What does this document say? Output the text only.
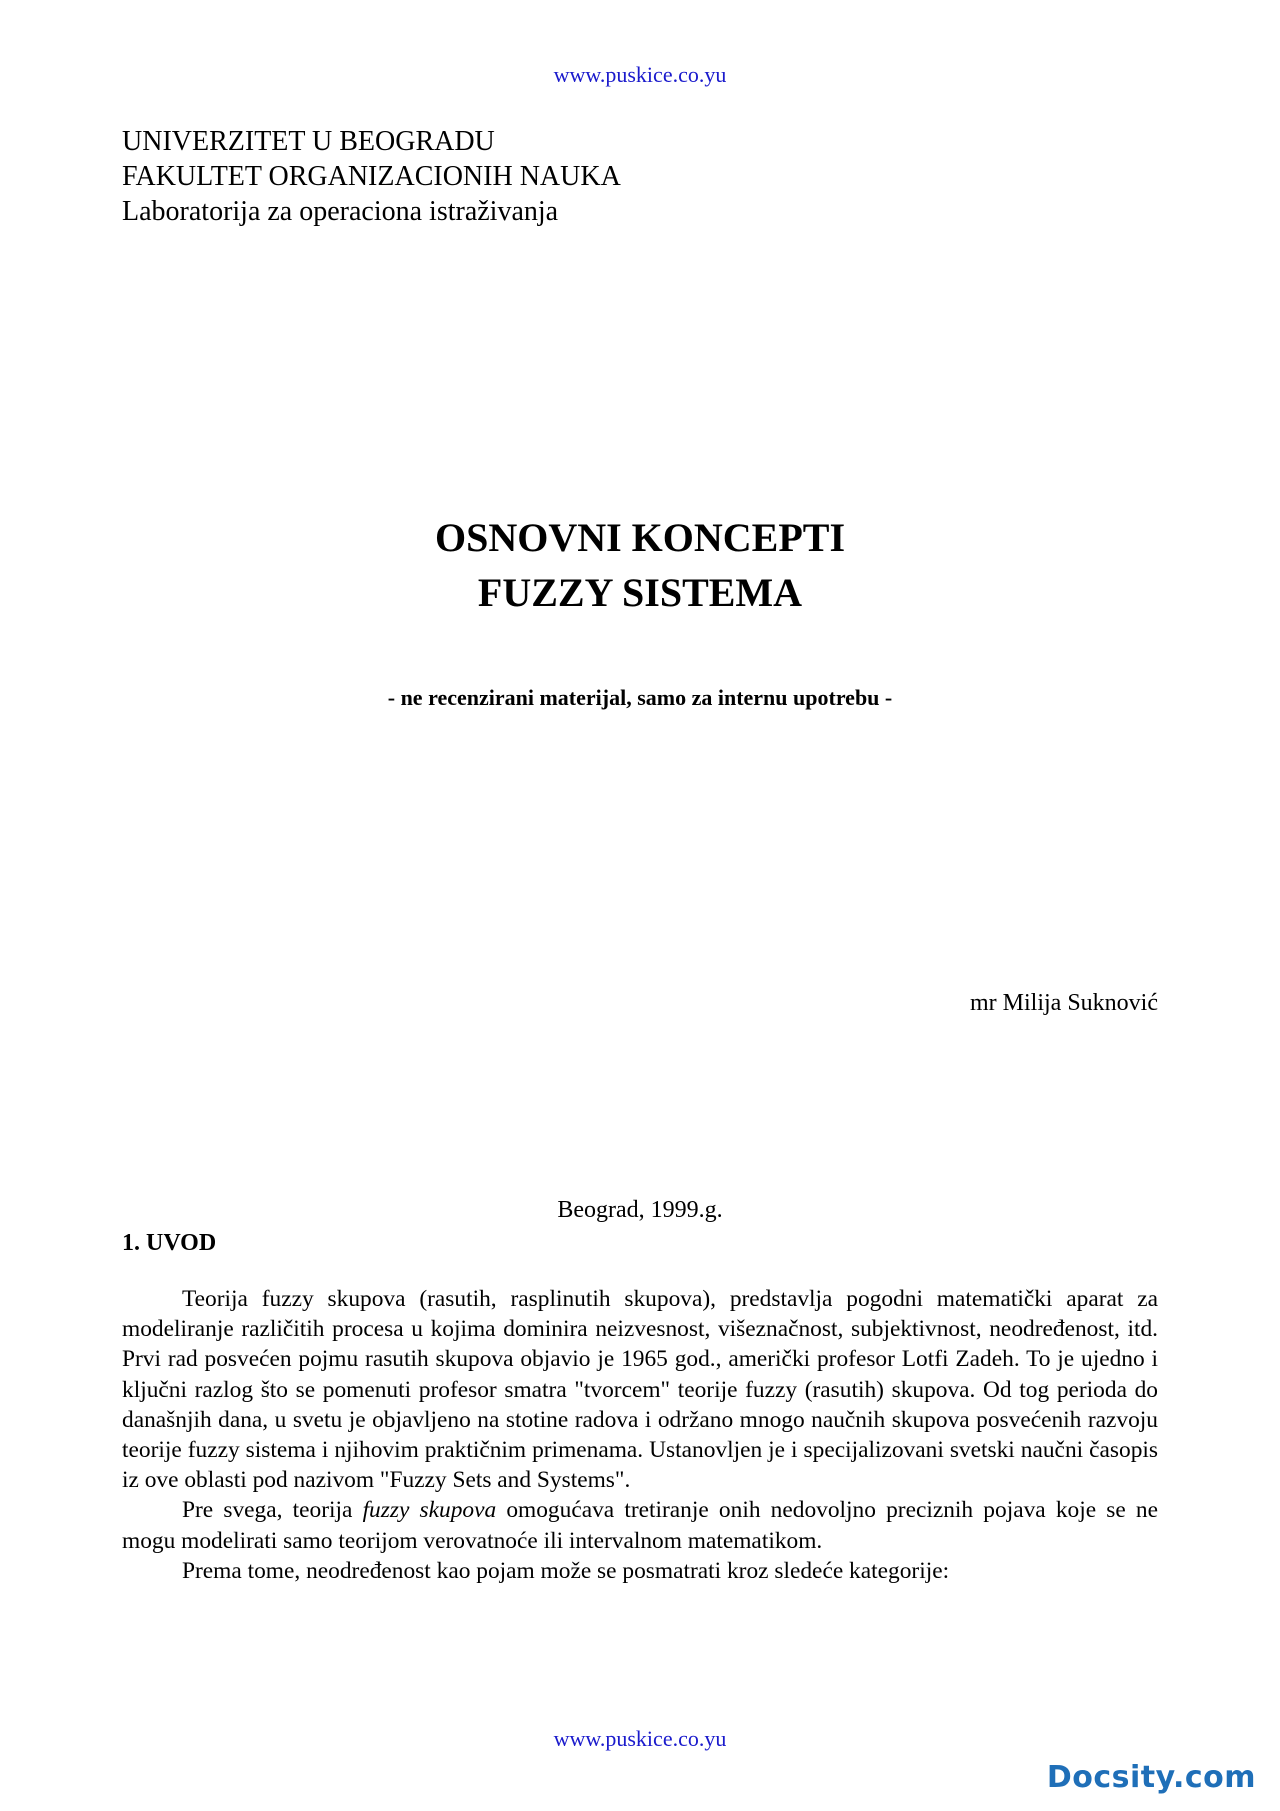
www.puskice.co.yu
UNIVERZITET U BEOGRADU
FAKULTET ORGANIZACIONIH NAUKA
Laboratorija za operaciona istraživanja
OSNOVNI KONCEPTI
FUZZY SISTEMA
- ne recenzirani materijal, samo za internu upotrebu -
mr Milija Suknović
Beograd, 1999.g.
1. UVOD

Teorija fuzzy skupova (rasutih, rasplinutih skupova), predstavlja pogodni matematički aparat za modeliranje različitih procesa u kojima dominira neizvesnost, višeznačnost, subjektivnost, neodređenost, itd. Prvi rad posvećen pojmu rasutih skupova objavio je 1965 god., američki profesor Lotfi Zadeh. To je ujedno i ključni razlog što se pomenuti profesor smatra "tvorcem" teorije fuzzy (rasutih) skupova. Od tog perioda do današnjih dana, u svetu je objavljeno na stotine radova i održano mnogo naučnih skupova posvećenih razvoju teorije fuzzy sistema i njihovim praktičnim primenama. Ustanovljen je i specijalizovani svetski naučni časopis iz ove oblasti pod nazivom "Fuzzy Sets and Systems".

Pre svega, teorija fuzzy skupova omogućava tretiranje onih nedovoljno preciznih pojava koje se ne mogu modelirati samo teorijom verovatnoće ili intervalnom matematikom.

Prema tome, neodređenost kao pojam može se posmatrati kroz sledeće kategorije:

www.puskice.co.yu
Docsity.com
